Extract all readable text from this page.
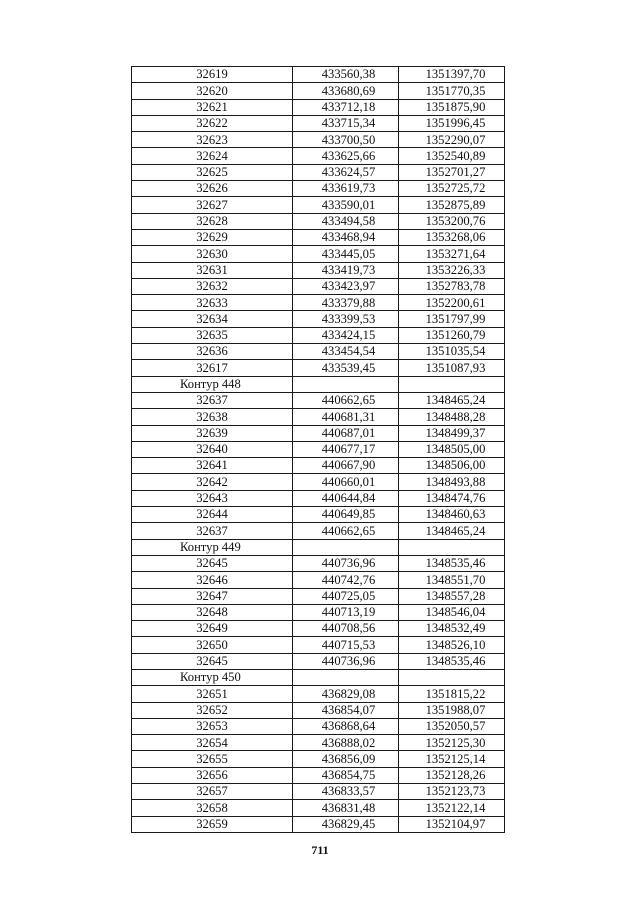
32619	433560,38	1351397,70
32620	433680,69	1351770,35
32621	433712,18	1351875,90
32622	433715,34	1351996,45
32623	433700,50	1352290,07
32624	433625,66	1352540,89
32625	433624,57	1352701,27
32626	433619,73	1352725,72
32627	433590,01	1352875,89
32628	433494,58	1353200,76
32629	433468,94	1353268,06
32630	433445,05	1353271,64
32631	433419,73	1353226,33
32632	433423,97	1352783,78
32633	433379,88	1352200,61
32634	433399,53	1351797,99
32635	433424,15	1351260,79
32636	433454,54	1351035,54
32617	433539,45	1351087,93
Контур 448		
32637	440662,65	1348465,24
32638	440681,31	1348488,28
32639	440687,01	1348499,37
32640	440677,17	1348505,00
32641	440667,90	1348506,00
32642	440660,01	1348493,88
32643	440644,84	1348474,76
32644	440649,85	1348460,63
32637	440662,65	1348465,24
Контур 449		
32645	440736,96	1348535,46
32646	440742,76	1348551,70
32647	440725,05	1348557,28
32648	440713,19	1348546,04
32649	440708,56	1348532,49
32650	440715,53	1348526,10
32645	440736,96	1348535,46
Контур 450		
32651	436829,08	1351815,22
32652	436854,07	1351988,07
32653	436868,64	1352050,57
32654	436888,02	1352125,30
32655	436856,09	1352125,14
32656	436854,75	1352128,26
32657	436833,57	1352123,73
32658	436831,48	1352122,14
32659	436829,45	1352104,97
711
